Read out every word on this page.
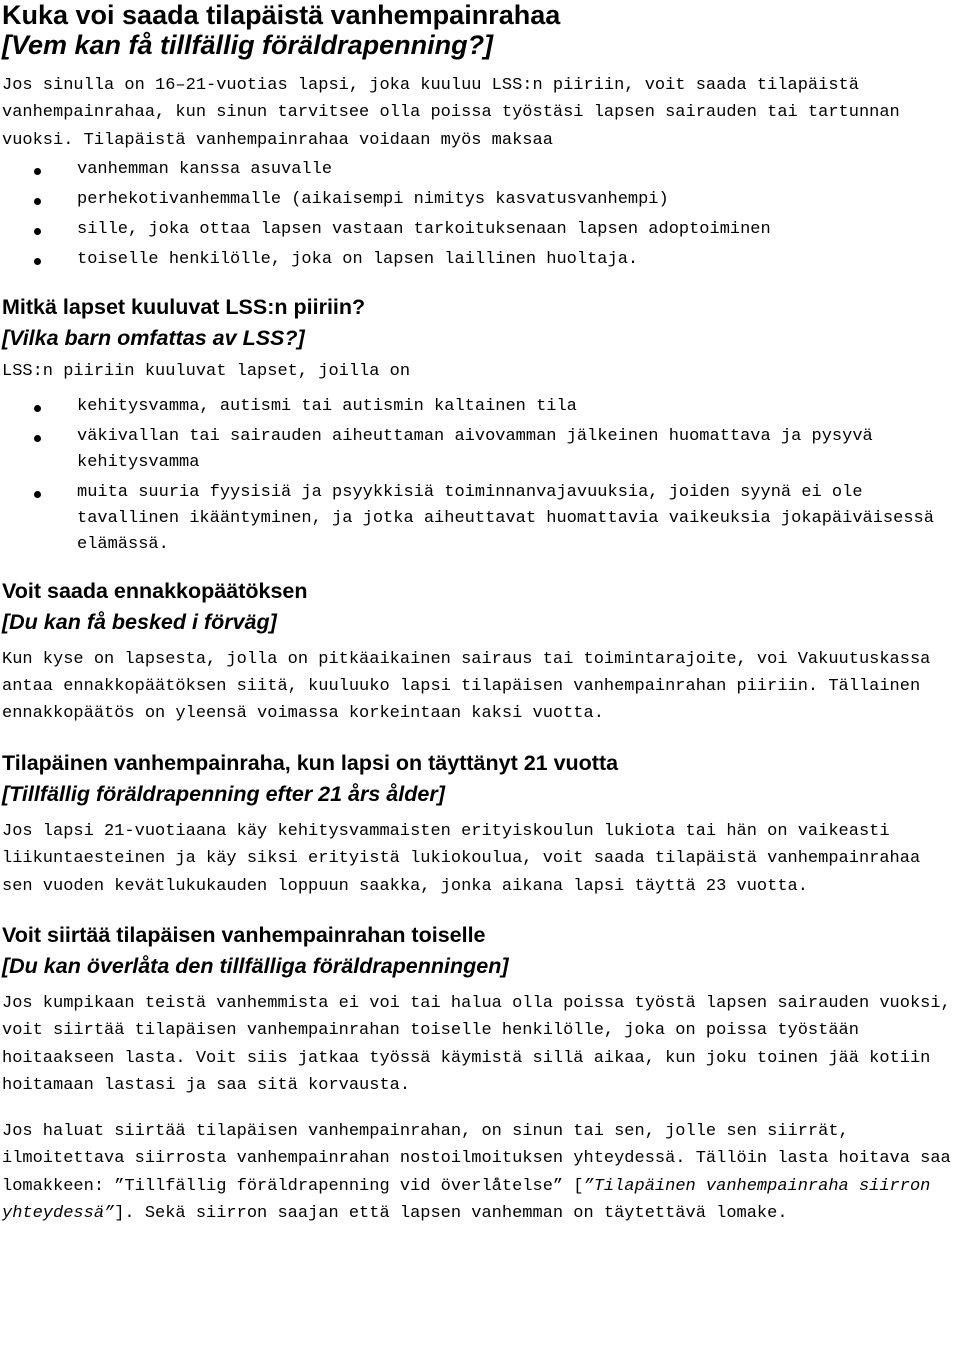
Kuka voi saada tilapäistä vanhempainrahaa
[Vem kan få tillfällig föräldrapenning?]

Jos sinulla on 16–21-vuotias lapsi, joka kuuluu LSS:n piiriin, voit saada tilapäistä vanhempainrahaa, kun sinun tarvitsee olla poissa työstäsi lapsen sairauden tai tartunnan vuoksi. Tilapäistä vanhempainrahaa voidaan myös maksaa

vanhemman kanssa asuvalle
perhekotivanhemmalle (aikaisempi nimitys kasvatusvanhempi)
sille, joka ottaa lapsen vastaan tarkoituksenaan lapsen adoptoiminen
toiselle henkilölle, joka on lapsen laillinen huoltaja.
Mitkä lapset kuuluvat LSS:n piiriin?
[Vilka barn omfattas av LSS?]

LSS:n piiriin kuuluvat lapset, joilla on

kehitysvamma, autismi tai autismin kaltainen tila
väkivallan tai sairauden aiheuttaman aivovamman jälkeinen huomattava ja pysyvä kehitysvamma
muita suuria fyysisiä ja psyykkisiä toiminnanvajavuuksia, joiden syynä ei ole tavallinen ikääntyminen, ja jotka aiheuttavat huomattavia vaikeuksia jokapäiväisessä elämässä.
Voit saada ennakkopäätöksen
[Du kan få besked i förväg]

Kun kyse on lapsesta, jolla on pitkäaikainen sairaus tai toimintarajoite, voi Vakuutuskassa antaa ennakkopäätöksen siitä, kuuluuko lapsi tilapäisen vanhempainrahan piiriin. Tällainen ennakkopäätös on yleensä voimassa korkeintaan kaksi vuotta.

Tilapäinen vanhempainraha, kun lapsi on täyttänyt 21 vuotta
[Tillfällig föräldrapenning efter 21 års ålder]

Jos lapsi 21-vuotiaana käy kehitysvammaisten erityiskoulun lukiota tai hän on vaikeasti liikuntaesteinen ja käy siksi erityistä lukiokoulua, voit saada tilapäistä vanhempainrahaa sen vuoden kevätlukukauden loppuun saakka, jonka aikana lapsi täyttä 23 vuotta.

Voit siirtää tilapäisen vanhempainrahan toiselle
[Du kan överlåta den tillfälliga föräldrapenningen]

Jos kumpikaan teistä vanhemmista ei voi tai halua olla poissa työstä lapsen sairauden vuoksi, voit siirtää tilapäisen vanhempainrahan toiselle henkilölle, joka on poissa työstään hoitaakseen lasta. Voit siis jatkaa työssä käymistä sillä aikaa, kun joku toinen jää kotiin hoitamaan lastasi ja saa sitä korvausta.

Jos haluat siirtää tilapäisen vanhempainrahan, on sinun tai sen, jolle sen siirrät, ilmoitettava siirrosta vanhempainrahan nostoilmoituksen yhteydessä. Tällöin lasta hoitava saa lomakkeen: ”Tillfällig föräldrapenning vid överlåtelse” [”Tilapäinen vanhempainraha siirron yhteydessä”]. Sekä siirron saajan että lapsen vanhemman on täytettävä lomake.
